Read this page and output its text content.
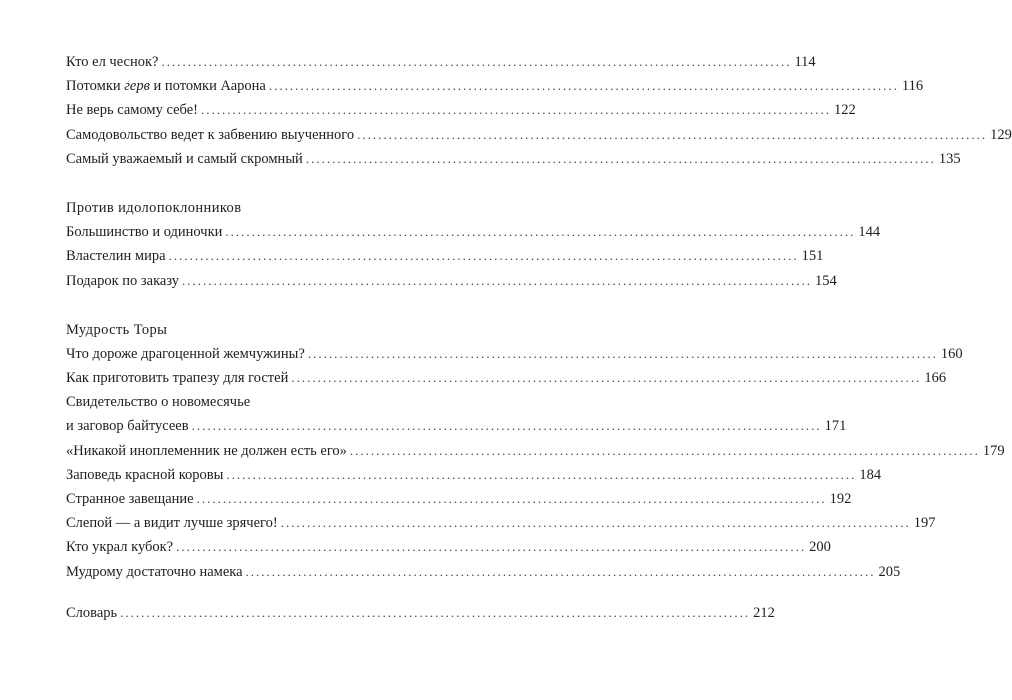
Кто ел чеснок? ........................................................................................................................ 114
Потомки герв и потомки Аарона ........................................................................................................................ 116
Не верь самому себе! ........................................................................................................................ 122
Самодовольство ведет к забвению выученного ........................................................................................................................ 129
Самый уважаемый и самый скромный ........................................................................................................................ 135
Против идолопоклонников
Большинство и одиночки ........................................................................................................................ 144
Властелин мира ........................................................................................................................ 151
Подарок по заказу ........................................................................................................................ 154
Мудрость Торы
Что дороже драгоценной жемчужины? ........................................................................................................................ 160
Как приготовить трапезу для гостей ........................................................................................................................ 166
Свидетельство о новомесячье
и заговор байтусеев ........................................................................................................................ 171
«Никакой иноплеменник не должен есть его» ........................................................................................................................ 179
Заповедь красной коровы ........................................................................................................................ 184
Странное завещание ........................................................................................................................ 192
Слепой — а видит лучше зрячего! ........................................................................................................................ 197
Кто украл кубок? ........................................................................................................................ 200
Мудрому достаточно намека ........................................................................................................................ 205
Словарь ........................................................................................................................ 212
